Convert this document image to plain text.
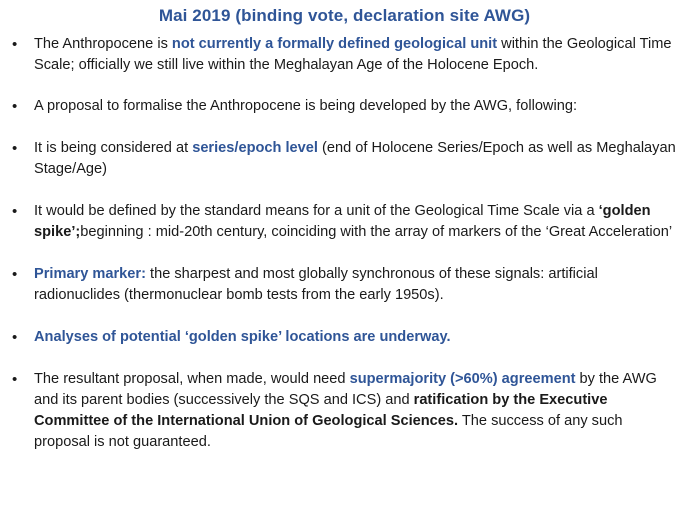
Mai 2019 (binding vote, declaration site AWG)
• The Anthropocene is not currently a formally defined geological unit within the Geological Time Scale; officially we still live within the Meghalayan Age of the Holocene Epoch.
• A proposal to formalise the Anthropocene is being developed by the AWG, following:
• It is being considered at series/epoch level (end of Holocene Series/Epoch as well as Meghalayan Stage/Age)
• It would be defined by the standard means for a unit of the Geological Time Scale via a ‘golden spike’;beginning : mid-20th century, coinciding with the array of markers of the ‘Great Acceleration’
• Primary marker: the sharpest and most globally synchronous of these signals: artificial radionuclides (thermonuclear bomb tests from the early 1950s).
• Analyses of potential ‘golden spike’ locations are underway.
• The resultant proposal, when made, would need supermajority (>60%) agreement by the AWG and its parent bodies (successively the SQS and ICS) and ratification by the Executive Committee of the International Union of Geological Sciences. The success of any such proposal is not guaranteed.
